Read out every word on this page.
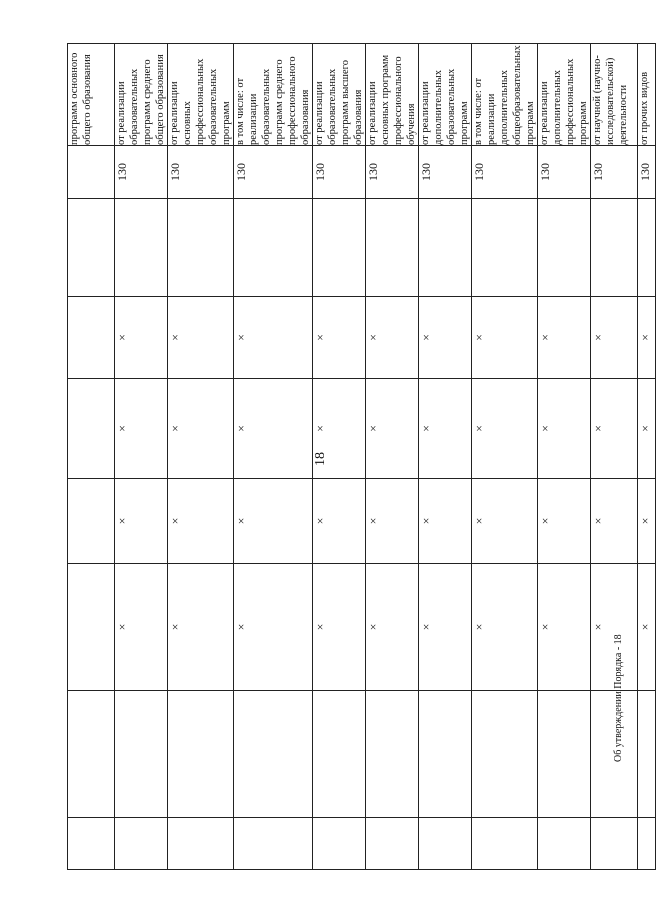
18
								программ основного общего образования
		×	×	×	×		130	от реализации образовательных программ среднего общего образования
		×	×	×	×		130	от реализации основных профессиональных образовательных программ
		×	×	×	×		130	в том числе: от реализации образовательных программ среднего профессионального образования
		×	×	×	×		130	от реализации образовательных программ высшего образования
		×	×	×	×		130	от реализации основных программ профессионального обучения
		×	×	×	×		130	от реализации дополнительных образовательных программ
		×	×	×	×		130	в том числе: от реализации дополнительных общеобразовательных программ
		×	×	×	×		130	от реализации дополнительных профессиональных программ
		×	×	×	×		130	от научной (научно-исследовательской) деятельности
		×	×	×	×		130	от прочих видов
Об утверждении Порядка - 18
